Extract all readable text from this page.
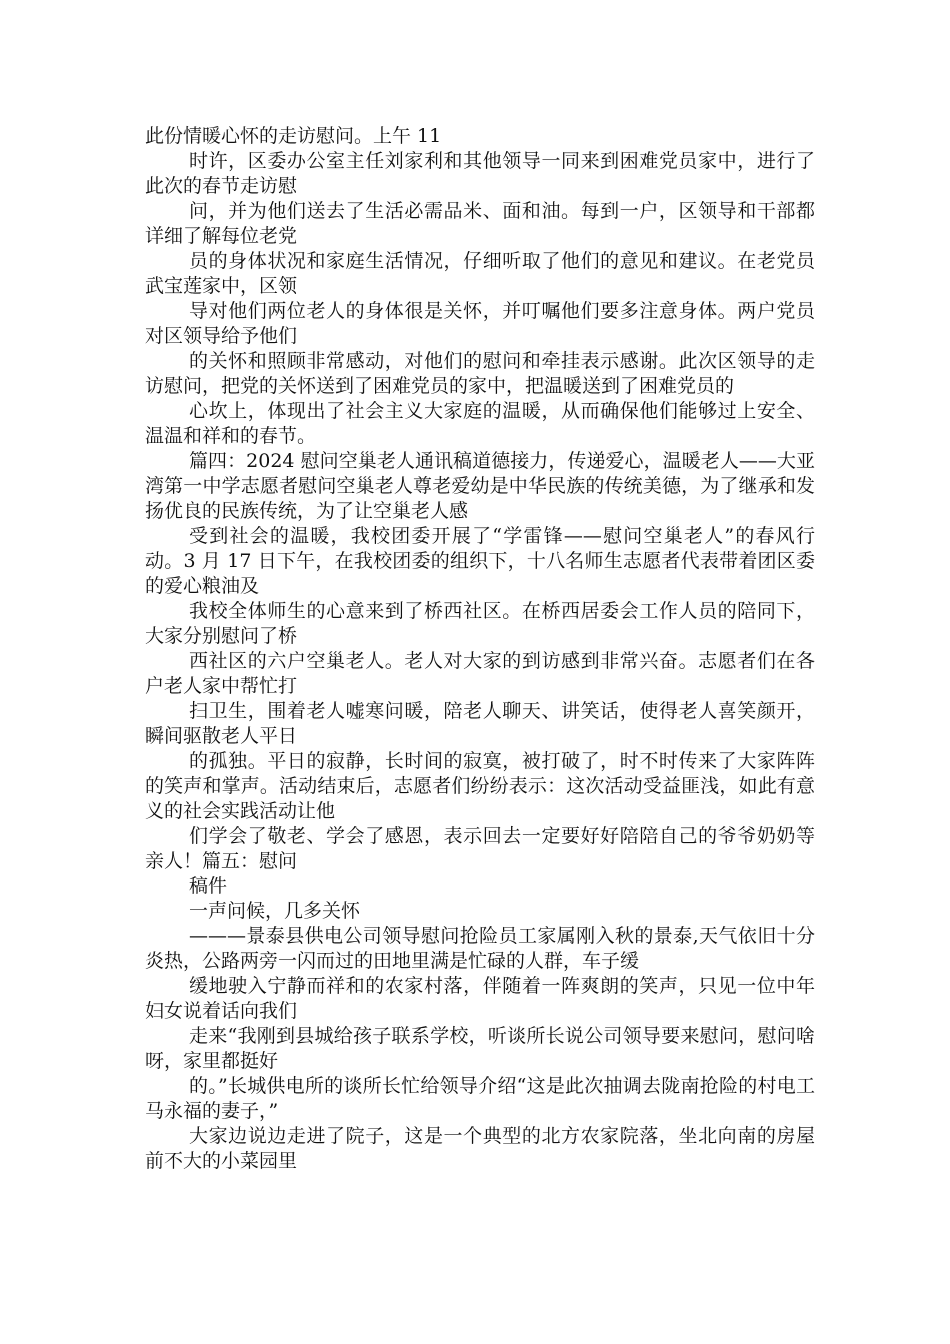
此份情暖心怀的走访慰问。上午 11

时许，区委办公室主任刘家利和其他领导一同来到困难党员家中，进行了此次的春节走访慰

问，并为他们送去了生活必需品米、面和油。每到一户，区领导和干部都详细了解每位老党

员的身体状况和家庭生活情况，仔细听取了他们的意见和建议。在老党员武宝莲家中，区领

导对他们两位老人的身体很是关怀，并叮嘱他们要多注意身体。两户党员对区领导给予他们

的关怀和照顾非常感动，对他们的慰问和牵挂表示感谢。此次区领导的走访慰问，把党的关怀送到了困难党员的家中，把温暖送到了困难党员的

心坎上，体现出了社会主义大家庭的温暖，从而确保他们能够过上安全、温温和祥和的春节。

篇四：2024 慰问空巢老人通讯稿道德接力，传递爱心，温暖老人——大亚湾第一中学志愿者慰问空巢老人尊老爱幼是中华民族的传统美德，为了继承和发扬优良的民族传统，为了让空巢老人感

受到社会的温暖，我校团委开展了“学雷锋——慰问空巢老人”的春风行动。3 月 17 日下午，在我校团委的组织下，十八名师生志愿者代表带着团区委的爱心粮油及

我校全体师生的心意来到了桥西社区。在桥西居委会工作人员的陪同下，大家分别慰问了桥

西社区的六户空巢老人。老人对大家的到访感到非常兴奋。志愿者们在各户老人家中帮忙打

扫卫生，围着老人嘘寒问暖，陪老人聊天、讲笑话，使得老人喜笑颜开，瞬间驱散老人平日

的孤独。平日的寂静，长时间的寂寞，被打破了，时不时传来了大家阵阵的笑声和掌声。活动结束后，志愿者们纷纷表示：这次活动受益匪浅，如此有意义的社会实践活动让他

们学会了敬老、学会了感恩，表示回去一定要好好陪陪自己的爷爷奶奶等亲人！篇五：慰问

稿件

一声问候，几多关怀

———景泰县供电公司领导慰问抢险员工家属刚入秋的景泰,天气依旧十分炎热，公路两旁一闪而过的田地里满是忙碌的人群，车子缓

缓地驶入宁静而祥和的农家村落，伴随着一阵爽朗的笑声，只见一位中年妇女说着话向我们

走来“我刚到县城给孩子联系学校，听谈所长说公司领导要来慰问，慰问啥呀，家里都挺好

的。”长城供电所的谈所长忙给领导介绍“这是此次抽调去陇南抢险的村电工马永福的妻子，”

大家边说边走进了院子，这是一个典型的北方农家院落，坐北向南的房屋前不大的小菜园里
